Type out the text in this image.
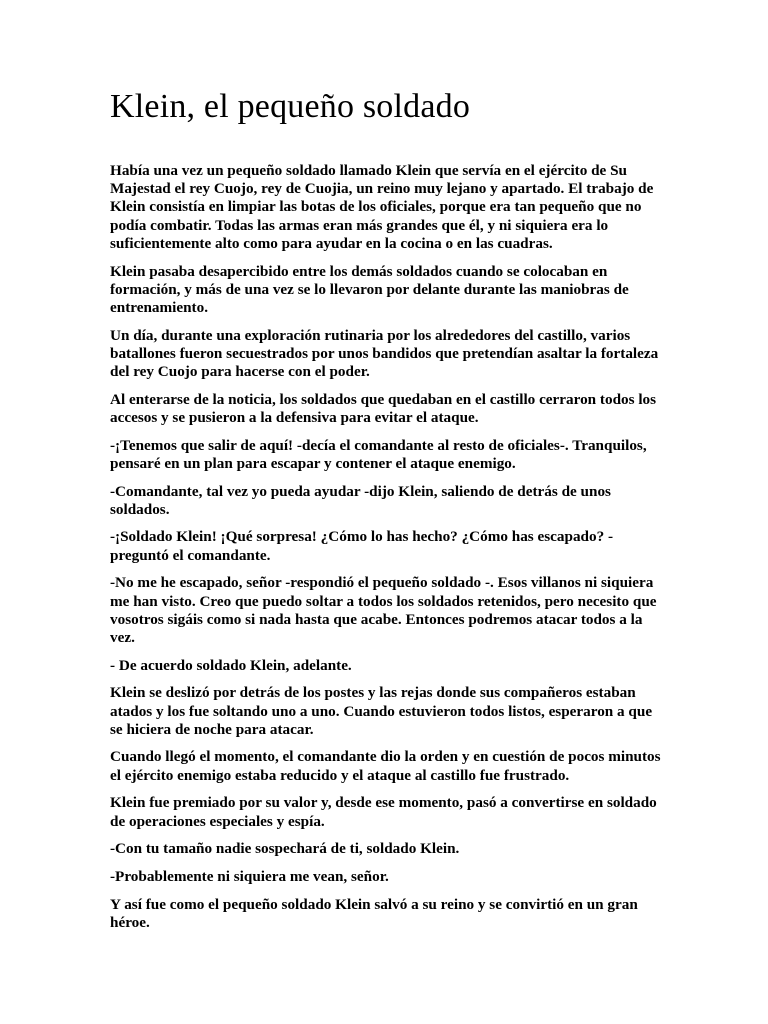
Klein, el pequeño soldado

Había una vez un pequeño soldado llamado Klein que servía en el ejército de Su Majestad el rey Cuojo, rey de Cuojia, un reino muy lejano y apartado. El trabajo de Klein consistía en limpiar las botas de los oficiales, porque era tan pequeño que no podía combatir. Todas las armas eran más grandes que él, y ni siquiera era lo suficientemente alto como para ayudar en la cocina o en las cuadras.

Klein pasaba desapercibido entre los demás soldados cuando se colocaban en formación, y más de una vez se lo llevaron por delante durante las maniobras de entrenamiento.

Un día, durante una exploración rutinaria por los alrededores del castillo, varios batallones fueron secuestrados por unos bandidos que pretendían asaltar la fortaleza del rey Cuojo para hacerse con el poder.

Al enterarse de la noticia, los soldados que quedaban en el castillo cerraron todos los accesos y se pusieron a la defensiva para evitar el ataque.

-¡Tenemos que salir de aquí! -decía el comandante al resto de oficiales-. Tranquilos, pensaré en un plan para escapar y contener el ataque enemigo.

-Comandante, tal vez yo pueda ayudar -dijo Klein, saliendo de detrás de unos soldados.

-¡Soldado Klein! ¡Qué sorpresa! ¿Cómo lo has hecho? ¿Cómo has escapado? -preguntó el comandante.

-No me he escapado, señor -respondió el pequeño soldado -. Esos villanos ni siquiera me han visto. Creo que puedo soltar a todos los soldados retenidos, pero necesito que vosotros sigáis como si nada hasta que acabe. Entonces podremos atacar todos a la vez.

- De acuerdo soldado Klein, adelante.

Klein se deslizó por detrás de los postes y las rejas donde sus compañeros estaban atados y los fue soltando uno a uno. Cuando estuvieron todos listos, esperaron a que se hiciera de noche para atacar.

Cuando llegó el momento, el comandante dio la orden y en cuestión de pocos minutos el ejército enemigo estaba reducido y el ataque al castillo fue frustrado.

Klein fue premiado por su valor y, desde ese momento, pasó a convertirse en soldado de operaciones especiales y espía.

-Con tu tamaño nadie sospechará de ti, soldado Klein.

-Probablemente ni siquiera me vean, señor.

Y así fue como el pequeño soldado Klein salvó a su reino y se convirtió en un gran héroe.
